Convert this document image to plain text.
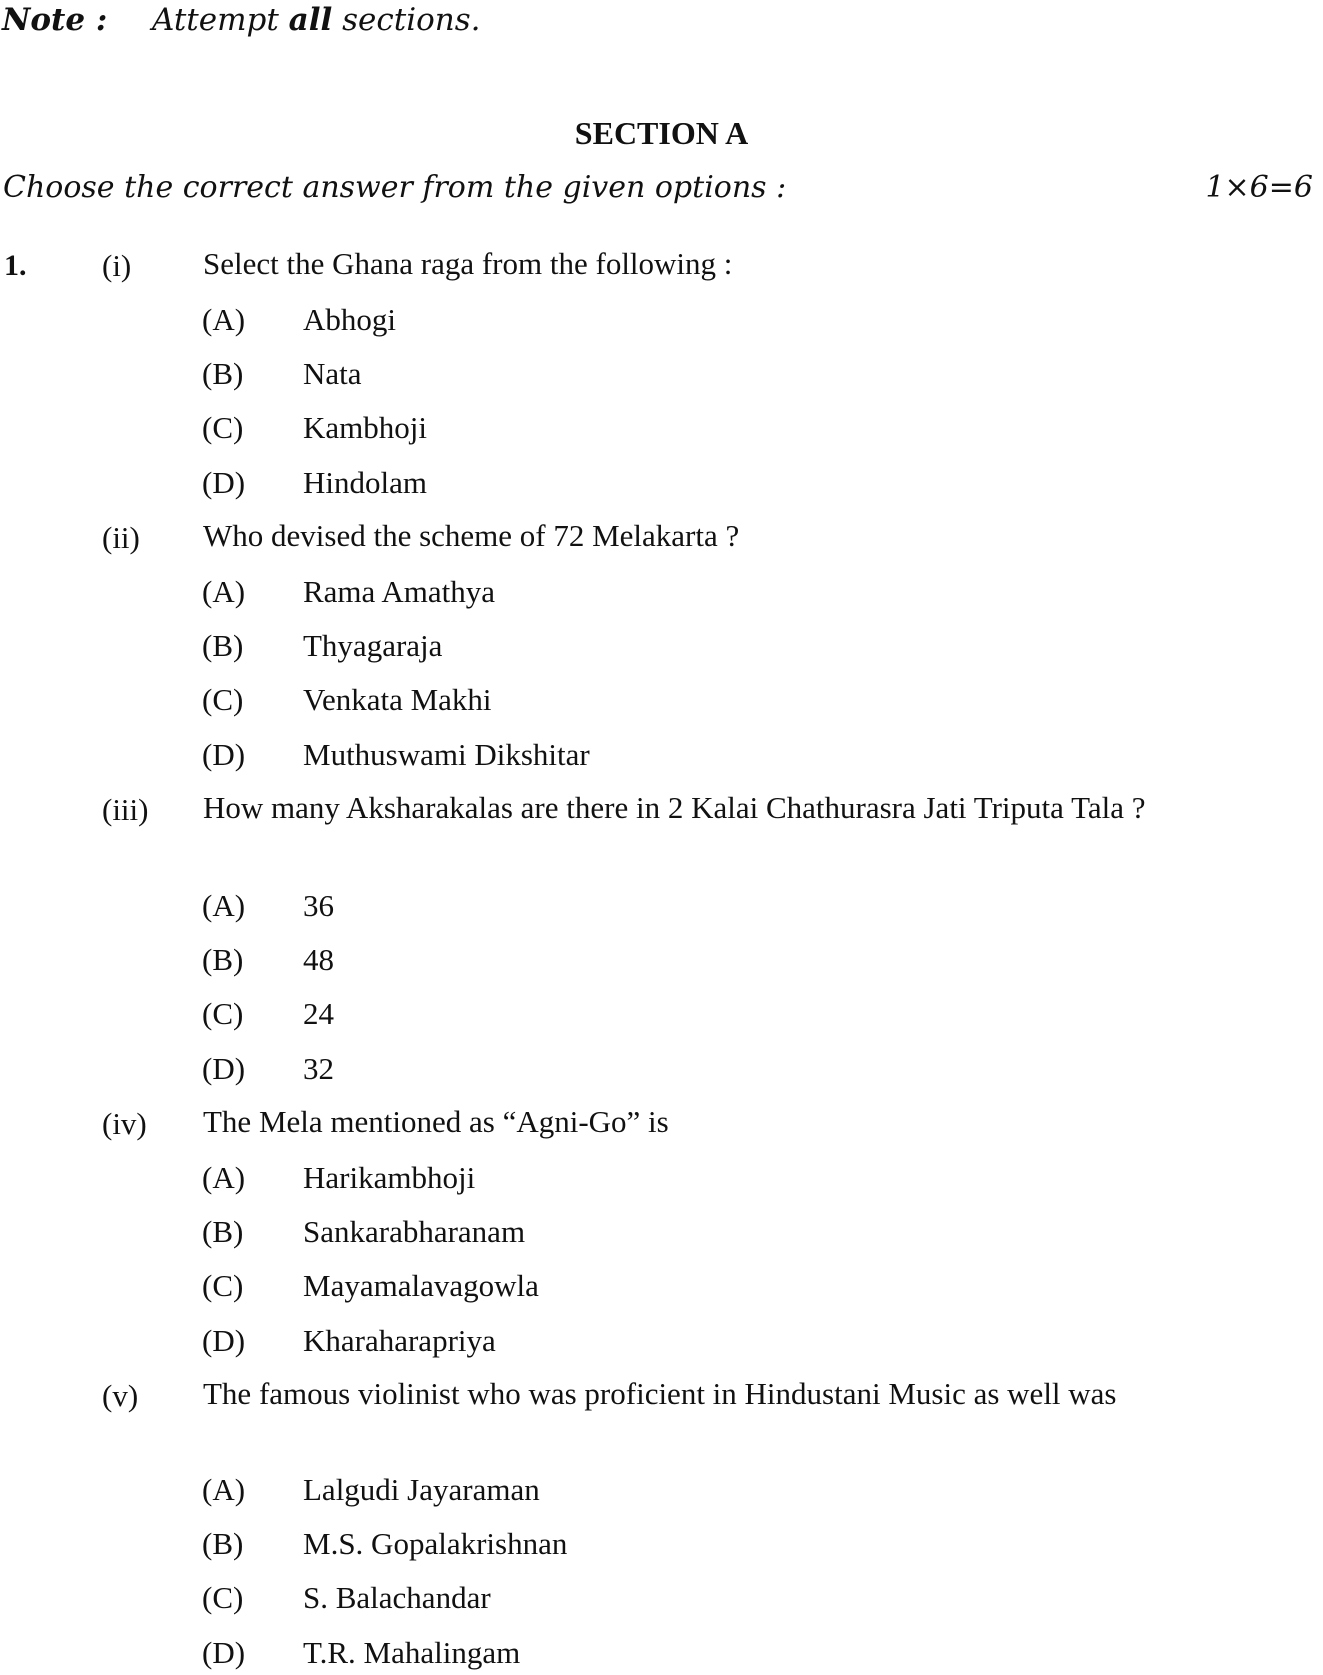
Note : Attempt all sections.
SECTION A
Choose the correct answer from the given options :	1×6=6
1. (i) Select the Ghana raga from the following :
(A) Abhogi
(B) Nata
(C) Kambhoji
(D) Hindolam
(ii) Who devised the scheme of 72 Melakarta ?
(A) Rama Amathya
(B) Thyagaraja
(C) Venkata Makhi
(D) Muthuswami Dikshitar
(iii) How many Aksharakalas are there in 2 Kalai Chathurasra Jati Triputa Tala ?
(A) 36
(B) 48
(C) 24
(D) 32
(iv) The Mela mentioned as “Agni-Go” is
(A) Harikambhoji
(B) Sankarabharanam
(C) Mayamalavagowla
(D) Kharaharapriya
(v) The famous violinist who was proficient in Hindustani Music as well was
(A) Lalgudi Jayaraman
(B) M.S. Gopalakrishnan
(C) S. Balachandar
(D) T.R. Mahalingam
